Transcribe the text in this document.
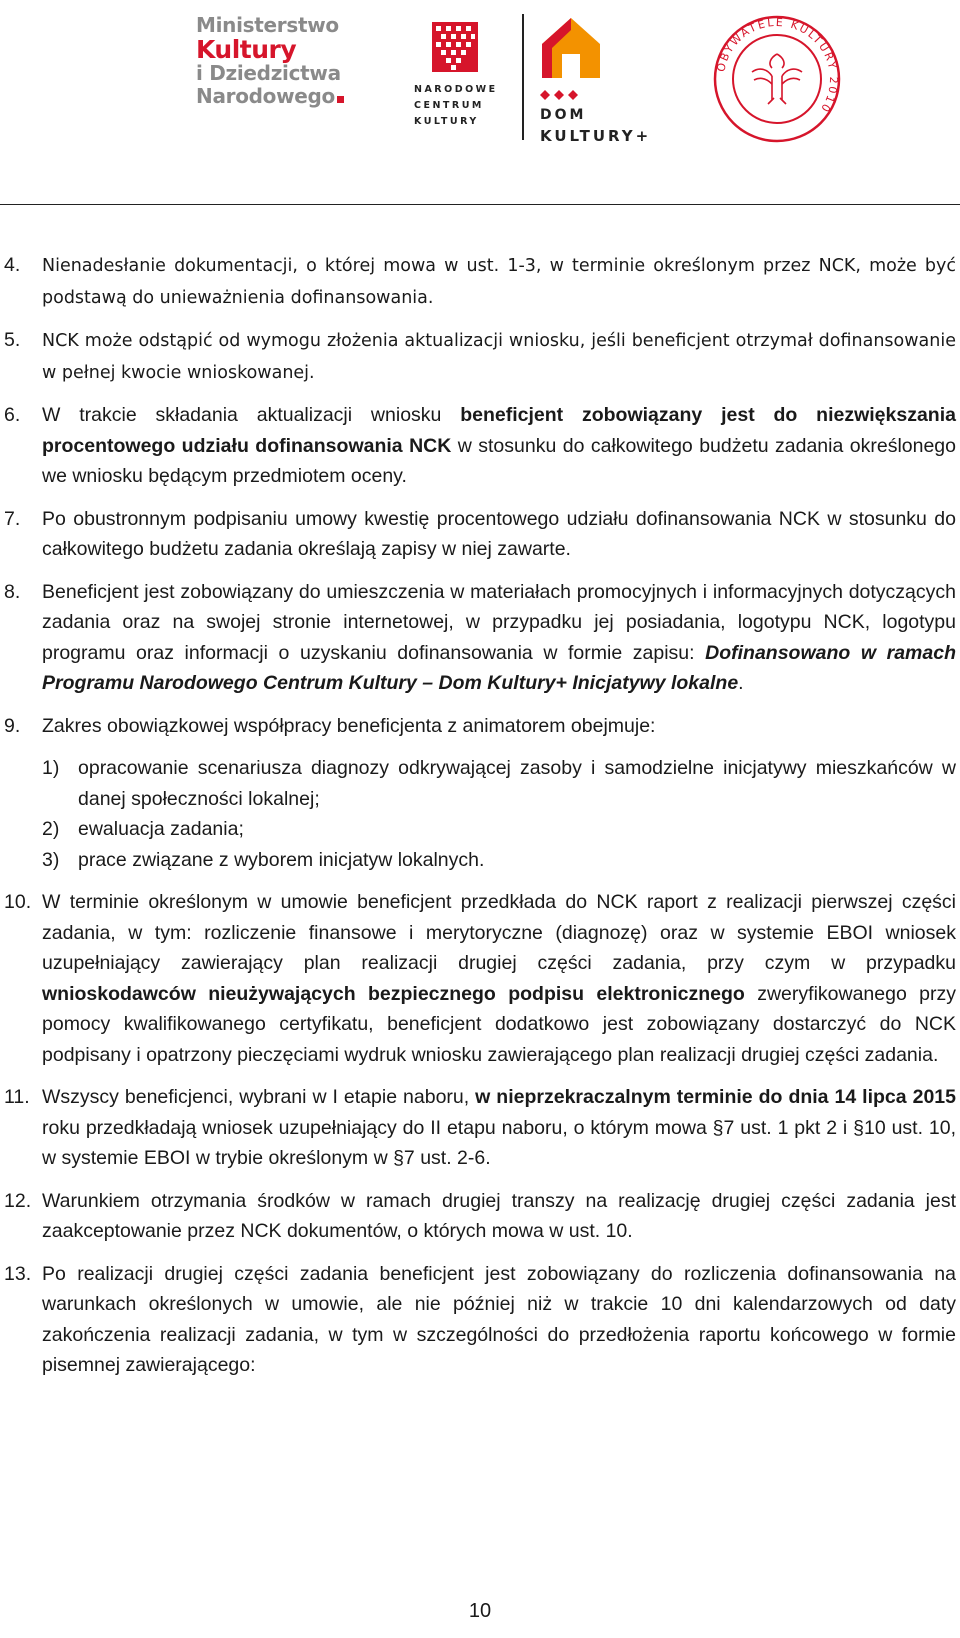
Ministerstwo
Kultury
i Dziedzictwa
Narodowego	NARODOWE
CENTRUM
KULTURY	DOM
KULTURY+
OBYWATELE KULTURY 2010
4. Nienadesłanie dokumentacji, o której mowa w ust. 1-3, w terminie określonym przez NCK, może być podstawą do unieważnienia dofinansowania.
5. NCK może odstąpić od wymogu złożenia aktualizacji wniosku, jeśli beneficjent otrzymał dofinansowanie w pełnej kwocie wnioskowanej.
6. W trakcie składania aktualizacji wniosku beneficjent zobowiązany jest do niezwiększania procentowego udziału dofinansowania NCK w stosunku do całkowitego budżetu zadania określonego we wniosku będącym przedmiotem oceny.
7. Po obustronnym podpisaniu umowy kwestię procentowego udziału dofinansowania NCK w stosunku do całkowitego budżetu zadania określają zapisy w niej zawarte.
8. Beneficjent jest zobowiązany do umieszczenia w materiałach promocyjnych i informacyjnych dotyczących zadania oraz na swojej stronie internetowej, w przypadku jej posiadania, logotypu NCK, logotypu programu oraz informacji o uzyskaniu dofinansowania w formie zapisu: Dofinansowano w ramach Programu Narodowego Centrum Kultury – Dom Kultury+ Inicjatywy lokalne.
9. Zakres obowiązkowej współpracy beneficjenta z animatorem obejmuje:
1) opracowanie scenariusza diagnozy odkrywającej zasoby i samodzielne inicjatywy mieszkańców w danej społeczności lokalnej;
2) ewaluacja zadania;
3) prace związane z wyborem inicjatyw lokalnych.
10. W terminie określonym w umowie beneficjent przedkłada do NCK raport z realizacji pierwszej części zadania, w tym: rozliczenie finansowe i merytoryczne (diagnozę) oraz w systemie EBOI wniosek uzupełniający zawierający plan realizacji drugiej części zadania, przy czym w przypadku wnioskodawców nieużywających bezpiecznego podpisu elektronicznego zweryfikowanego przy pomocy kwalifikowanego certyfikatu, beneficjent dodatkowo jest zobowiązany dostarczyć do NCK podpisany i opatrzony pieczęciami wydruk wniosku zawierającego plan realizacji drugiej części zadania.
11. Wszyscy beneficjenci, wybrani w I etapie naboru, w nieprzekraczalnym terminie do dnia 14 lipca 2015 roku przedkładają wniosek uzupełniający do II etapu naboru, o którym mowa §7 ust. 1 pkt 2 i §10 ust. 10, w systemie EBOI w trybie określonym w §7 ust. 2-6.
12. Warunkiem otrzymania środków w ramach drugiej transzy na realizację drugiej części zadania jest zaakceptowanie przez NCK dokumentów, o których mowa w ust. 10.
13. Po realizacji drugiej części zadania beneficjent jest zobowiązany do rozliczenia dofinansowania na warunkach określonych w umowie, ale nie później niż w trakcie 10 dni kalendarzowych od daty zakończenia realizacji zadania, w tym w szczególności do przedłożenia raportu końcowego w formie pisemnej zawierającego:
10
